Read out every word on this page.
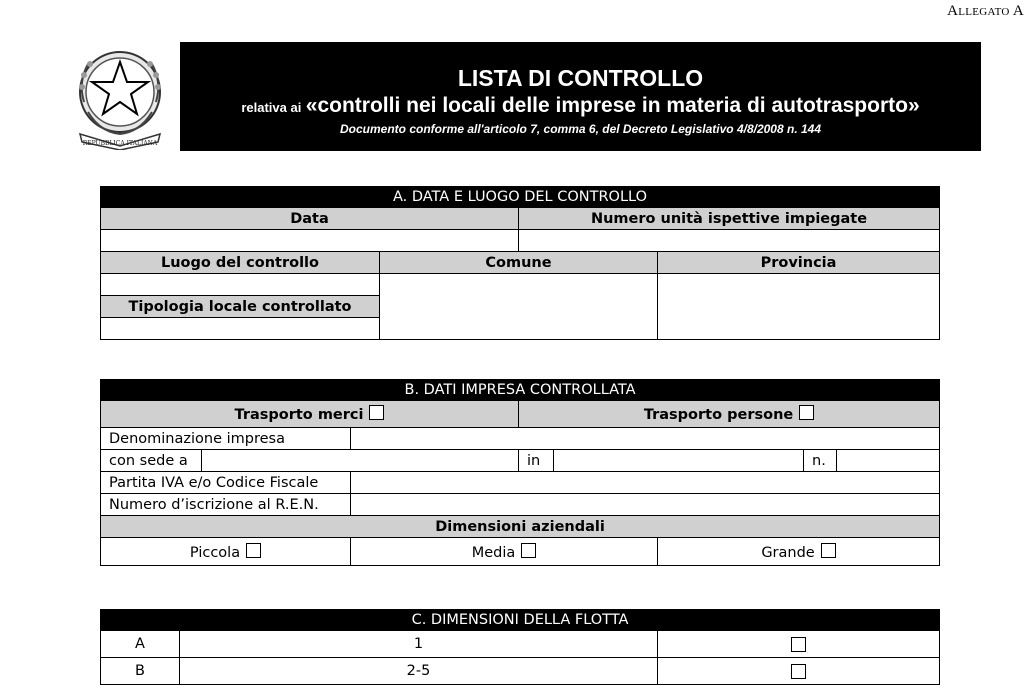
Allegato A
REPUBBLICA ITALIANA
LISTA DI CONTROLLO
relativa ai «controlli nei locali delle imprese in materia di autotrasporto»
Documento conforme all'articolo 7, comma 6, del Decreto Legislativo 4/8/2008 n. 144
A. DATA E LUOGO DEL CONTROLLO			
Data		Numero unità ispettive impiegate	

Luogo del controllo	Comune		Provincia

Tipologia locale controllato			

B. DATI IMPRESA CONTROLLATA							
Trasporto merci			Trasporto persone				
Denominazione impresa							
con sede a			in			n.	
Partita IVA e/o Codice Fiscale							
Numero d’iscrizione al R.E.N.							
Dimensioni aziendali							
Piccola		Media			Grande		
C. DIMENSIONI DELLA FLOTTA		
A	1	
B	2-5	
